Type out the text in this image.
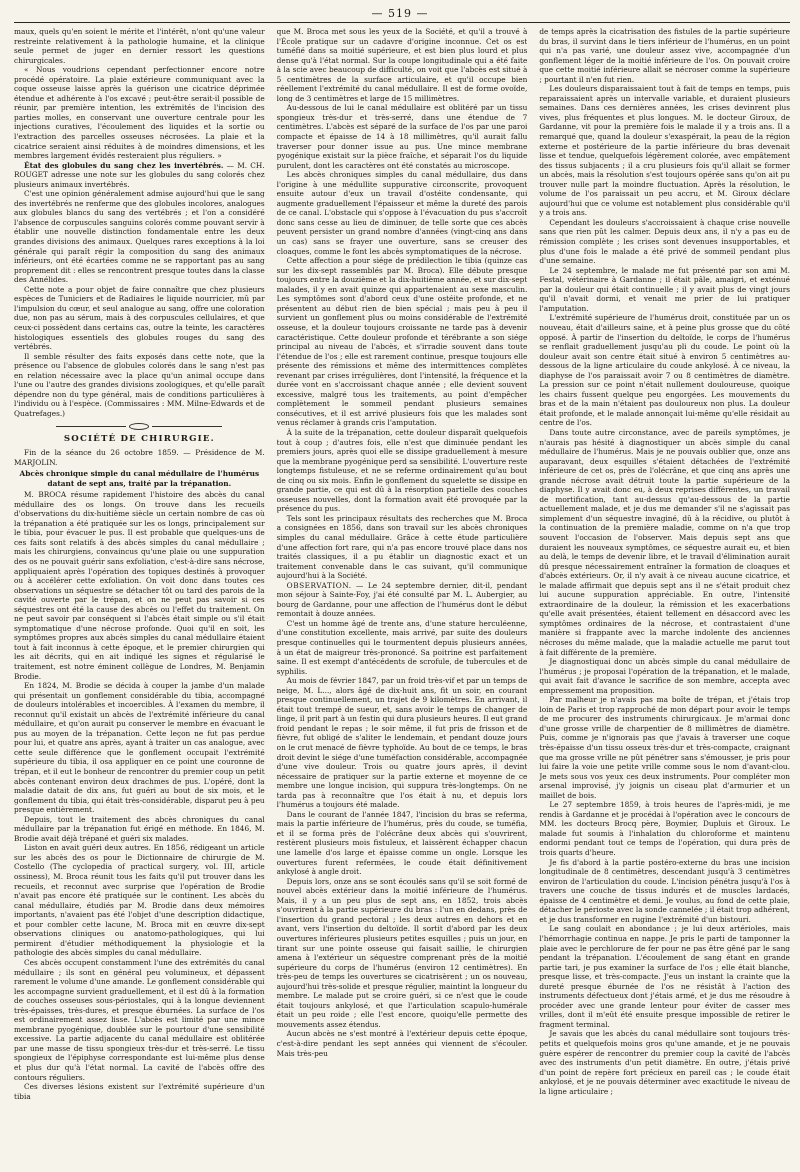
— 519 —

maux, quels qu'en soient le mérite et l'intérêt, n'ont qu'une valeur restreinte relativement à la pathologie humaine, et la clinique seule permet de juger en dernier ressort les questions chirurgicales.

« Nous voudrions cependant perfectionner encore notre procédé opératoire. La plaie extérieure communiquant avec la coque osseuse laisse après la guérison une cicatrice déprimée étendue et adhérente à l'os excavé ; peut-être serait-il possible de réunir, par première intention, les extrémités de l'incision des parties molles, en conservant une ouverture centrale pour les injections curatives, l'écoulement des liquides et la sortie ou l'extraction des parcelles osseuses nécrosées. La plaie et la cicatrice seraient ainsi réduites à de moindres dimensions, et les membres largement évidés resteraient plus réguliers. »

État des globules du sang chez les invertébrés. — M. CH. ROUGET adresse une note sur les globules du sang colorés chez plusieurs animaux invertébrés.

C'est une opinion généralement admise aujourd'hui que le sang des invertébrés ne renferme que des globules incolores, analogues aux globules blancs du sang des vertébrés ; et l'on a considéré l'absence de corpuscules sanguins colorés comme pouvant servir à établir une nouvelle distinction fondamentale entre les deux grandes divisions des animaux. Quelques rares exceptions à la loi générale qui paraît régir la composition du sang des animaux inférieurs, ont été écartées comme ne se rapportant pas au sang proprement dit : elles se rencontrent presque toutes dans la classe des Annélides.

Cette note a pour objet de faire connaître que chez plusieurs espèces de Tuniciers et de Radiaires le liquide nourricier, mû par l'impulsion du cœur, et seul analogue au sang, offre une coloration due, non pas au sérum, mais à des corpuscules cellulaires, et que ceux-ci possèdent dans certains cas, outre la teinte, les caractères histologiques essentiels des globules rouges du sang des vertébrés.

Il semble résulter des faits exposés dans cette note, que la présence ou l'absence de globules colorés dans le sang n'est pas en relation nécessaire avec la place qu'un animal occupe dans l'une ou l'autre des grandes divisions zoologiques, et qu'elle paraît dépendre non du type général, mais de conditions particulières à l'individu ou à l'espèce. (Commissaires : MM. Milne-Edwards et de Quatrefages.)

SOCIÉTÉ DE CHIRURGIE.

Fin de la séance du 26 octobre 1859. — Présidence de M. MARJOLIN.

Abcès chronique simple du canal médullaire de l'humérus datant de sept ans, traité par la trépanation.

M. BROCA résume rapidement l'histoire des abcès du canal médullaire des os longs. On trouve dans les recueils d'observations du dix-huitième siècle un certain nombre de cas où la trépanation a été pratiquée sur les os longs, principalement sur le tibia, pour évacuer le pus. Il est probable que quelques-uns de ces faits sont relatifs à des abcès simples du canal médullaire ; mais les chirurgiens, convaincus qu'une plaie ou une suppuration des os ne pouvait guérir sans exfoliation, c'est-à-dire sans nécrose, appliquaient après l'opération des topiques destinés à provoquer ou à accélérer cette exfoliation. On voit donc dans toutes ces observations un séquestre se détacher tôt ou tard des parois de la cavité ouverte par le trépan, et on ne peut pas savoir si ces séquestres ont été la cause des abcès ou l'effet du traitement. On ne peut savoir par conséquent si l'abcès était simple ou s'il était symptomatique d'une nécrose profonde. Quoi qu'il en soit, les symptômes propres aux abcès simples du canal médullaire étaient tout à fait inconnus à cette époque, et le premier chirurgien qui les ait décrits, qui en ait indiqué les signes et régularisé le traitement, est notre éminent collègue de Londres, M. Benjamin Brodie.

En 1824, M. Brodie se décida à couper la jambe d'un malade qui présentait un gonflement considérable du tibia, accompagné de douleurs intolérables et incoercibles. À l'examen du membre, il reconnut qu'il existait un abcès de l'extrémité inférieure du canal médullaire, et qu'on aurait pu conserver le membre en évacuant le pus au moyen de la trépanation. Cette leçon ne fut pas perdue pour lui, et quatre ans après, ayant à traiter un cas analogue, avec cette seule différence que le gonflement occupait l'extrémité supérieure du tibia, il osa appliquer en ce point une couronne de trépan, et il eut le bonheur de rencontrer du premier coup un petit abcès contenant environ deux drachmes de pus. L'opéré, dont la maladie datait de dix ans, fut guéri au bout de six mois, et le gonflement du tibia, qui était très-considérable, disparut peu à peu presque entièrement.

Depuis, tout le traitement des abcès chroniques du canal médullaire par la trépanation fut érigé en méthode. En 1846, M. Brodie avait déjà trépané et guéri six malades.

Liston en avait guéri deux autres. En 1856, rédigeant un article sur les abcès des os pour le Dictionnaire de chirurgie de M. Costello (The cyclopedia of practical surgery, vol. III, article ossiness), M. Broca réunit tous les faits qu'il put trouver dans les recueils, et reconnut avec surprise que l'opération de Brodie n'avait pas encore été pratiquée sur le continent. Les abcès du canal médullaire, étudiés par M. Brodie dans deux mémoires importants, n'avaient pas été l'objet d'une description didactique, et pour combler cette lacune, M. Broca mit en œuvre dix-sept observations cliniques ou anatomo-pathologiques, qui lui permirent d'étudier méthodiquement la physiologie et la pathologie des abcès simples du canal médullaire.

Ces abcès occupent constamment l'une des extrémités du canal médullaire ; ils sont en général peu volumineux, et dépassent rarement le volume d'une amande. Le gonflement considérable qui les accompagne survient graduellement, et il est dû à la formation de couches osseuses sous-périostales, qui à la longue deviennent très-épaisses, très-dures, et presque éburnées. La surface de l'os est ordinairement assez lisse. L'abcès est limité par une mince membrane pyogénique, doublée sur le pourtour d'une sensibilité excessive. La partie adjacente du canal médullaire est oblitérée par une masse de tissu spongieux très-dur et très-serré. Le tissu spongieux de l'épiphyse correspondante est lui-même plus dense et plus dur qu'à l'état normal. La cavité de l'abcès offre des contours réguliers.

Ces diverses lésions existent sur l'extrémité supérieure d'un tibia

que M. Broca met sous les yeux de la Société, et qu'il a trouvé à l'École pratique sur un cadavre d'origine inconnue. Cet os est tuméfié dans sa moitié supérieure, et est bien plus lourd et plus dense qu'à l'état normal. Sur la coupe longitudinale qui a été faite à la scie avec beaucoup de difficulté, on voit que l'abcès est situé à 5 centimètres de la surface articulaire, et qu'il occupe bien réellement l'extrémité du canal médullaire. Il est de forme ovoïde, long de 3 centimètres et large de 15 millimètres.

Au-dessous de lui le canal médullaire est oblitéré par un tissu spongieux très-dur et très-serré, dans une étendue de 7 centimètres. L'abcès est séparé de la surface de l'os par une paroi compacte et épaisse de 14 à 18 millimètres, qu'il aurait fallu traverser pour donner issue au pus. Une mince membrane pyogénique existait sur la pièce fraîche, et séparait l'os du liquide purulent, dont les caractères ont été constatés au microscope.

Les abcès chroniques simples du canal médullaire, dus dans l'origine à une médullite suppurative circonscrite, provoquent ensuite autour d'eux un travail d'ostéite condensante, qui augmente graduellement l'épaisseur et même la dureté des parois de ce canal. L'obstacle qui s'oppose à l'évacuation du pus s'accroît donc sans cesse au lieu de diminuer, de telle sorte que ces abcès peuvent persister un grand nombre d'années (vingt-cinq ans dans un cas) sans se frayer une ouverture, sans se creuser des cloaques, comme le font les abcès symptomatiques de la nécrose.

Cette affection a pour siége de prédilection le tibia (quinze cas sur les dix-sept rassemblés par M. Broca). Elle débute presque toujours entre la douzième et la dix-huitième année, et sur dix-sept malades, il y en avait quinze qui appartenaient au sexe masculin. Les symptômes sont d'abord ceux d'une ostéite profonde, et ne présentent au début rien de bien spécial ; mais peu à peu il survient un gonflement plus ou moins considérable de l'extrémité osseuse, et la douleur toujours croissante ne tarde pas à devenir caractéristique. Cette douleur profonde et térébrante a son siége principal au niveau de l'abcès, et s'irradie souvent dans toute l'étendue de l'os ; elle est rarement continue, presque toujours elle présente des rémissions et même des intermittences complètes revenant par crises irrégulières, dont l'intensité, la fréquence et la durée vont en s'accroissant chaque année ; elle devient souvent excessive, malgré tous les traitements, au point d'empêcher complètement le sommeil pendant plusieurs semaines consécutives, et il est arrivé plusieurs fois que les malades sont venus réclamer à grands cris l'amputation.

À la suite de la trépanation, cette douleur disparaît quelquefois tout à coup ; d'autres fois, elle n'est que diminuée pendant les premiers jours, après quoi elle se dissipe graduellement à mesure que la membrane pyogénique perd sa sensibilité. L'ouverture reste longtemps fistuleuse, et ne se referme ordinairement qu'au bout de cinq ou six mois. Enfin le gonflement du squelette se dissipe en grande partie, ce qui est dû à la résorption partielle des couches osseuses nouvelles, dont la formation avait été provoquée par la présence du pus.

Tels sont les principaux résultats des recherches que M. Broca a consignées en 1856, dans son travail sur les abcès chroniques simples du canal médullaire. Grâce à cette étude particulière d'une affection fort rare, qui n'a pas encore trouvé place dans nos traités classiques, il a pu établir un diagnostic exact et un traitement convenable dans le cas suivant, qu'il communique aujourd'hui à la Société.

OBSERVATION. — Le 24 septembre dernier, dit-il, pendant mon séjour à Sainte-Foy, j'ai été consulté par M. L. Aubergier, au bourg de Gardanne, pour une affection de l'humérus dont le début remontait à douze années.

C'est un homme âgé de trente ans, d'une stature herculéenne, d'une constitution excellente, mais arrivé, par suite des douleurs presque continuelles qui le tourmentent depuis plusieurs années, à un état de maigreur très-prononcé. Sa poitrine est parfaitement saine. Il est exempt d'antécédents de scrofule, de tubercules et de syphilis.

Au mois de février 1847, par un froid très-vif et par un temps de neige, M. L..., alors âgé de dix-huit ans, fit un soir, en courant presque continuellement, un trajet de 9 kilomètres. En arrivant, il était tout trempé de sueur, et, sans avoir le temps de changer de linge, il prit part à un festin qui dura plusieurs heures. Il eut grand froid pendant le repas ; le soir même, il fut pris de frisson et de fièvre, fut obligé de s'aliter le lendemain, et pendant douze jours on le crut menacé de fièvre typhoïde. Au bout de ce temps, le bras droit devint le siége d'une tuméfaction considérable, accompagnée d'une vive douleur. Trois ou quatre jours après, il devint nécessaire de pratiquer sur la partie externe et moyenne de ce membre une longue incision, qui suppura très-longtemps. On ne tarda pas à reconnaître que l'os était à nu, et depuis lors l'humérus a toujours été malade.

Dans le courant de l'année 1847, l'incision du bras se referma, mais la partie inférieure de l'humérus, près du coude, se tuméfia, et il se forma près de l'olécrâne deux abcès qui s'ouvrirent, restèrent plusieurs mois fistuleux, et laissèrent échapper chacun une lamelle d'os large et épaisse comme un ongle. Lorsque les ouvertures furent refermées, le coude était définitivement ankylosé à angle droit.

Depuis lors, onze ans se sont écoulés sans qu'il se soit formé de nouvel abcès extérieur dans la moitié inférieure de l'humérus. Mais, il y a un peu plus de sept ans, en 1852, trois abcès s'ouvrirent à la partie supérieure du bras : l'un en dedans, près de l'insertion du grand pectoral ; les deux autres en dehors et en avant, vers l'insertion du deltoïde. Il sortit d'abord par les deux ouvertures inférieures plusieurs petites esquilles ; puis un jour, en tirant sur une pointe osseuse qui faisait saillie, le chirurgien amena à l'extérieur un séquestre comprenant près de la moitié supérieure du corps de l'humérus (environ 12 centimètres). En très-peu de temps les ouvertures se cicatrisèrent ; un os nouveau, aujourd'hui très-solide et presque régulier, maintint la longueur du membre. Le malade put se croire guéri, si ce n'est que le coude était toujours ankylosé, et que l'articulation scapulo-humérale était un peu roide ; elle l'est encore, quoiqu'elle permette des mouvements assez étendus.

Aucun abcès ne s'est montré à l'extérieur depuis cette époque, c'est-à-dire pendant les sept années qui viennent de s'écouler. Mais très-peu

de temps après la cicatrisation des fistules de la partie supérieure du bras, il survint dans le tiers inférieur de l'humérus, en un point qui n'a pas varié, une douleur assez vive, accompagnée d'un gonflement léger de la moitié inférieure de l'os. On pouvait croire que cette moitié inférieure allait se nécroser comme la supérieure ; pourtant il n'en fut rien.

Les douleurs disparaissaient tout à fait de temps en temps, puis reparaissaient après un intervalle variable, et duraient plusieurs semaines. Dans ces dernières années, les crises devinrent plus vives, plus fréquentes et plus longues. M. le docteur Giroux, de Gardanne, vit pour la première fois le malade il y a trois ans. Il a remarqué que, quand la douleur s'exaspérait, la peau de la région externe et postérieure de la partie inférieure du bras devenait lisse et tendue, quelquefois légèrement colorée, avec empâtement des tissus subjacents ; il a cru plusieurs fois qu'il allait se former un abcès, mais la résolution s'est toujours opérée sans qu'on ait pu trouver nulle part la moindre fluctuation. Après la résolution, le volume de l'os paraissait un peu accru, et M. Giroux déclare aujourd'hui que ce volume est notablement plus considérable qu'il y a trois ans.

Cependant les douleurs s'accroissaient à chaque crise nouvelle sans que rien pût les calmer. Depuis deux ans, il n'y a pas eu de rémission complète ; les crises sont devenues insupportables, et plus d'une fois le malade a été privé de sommeil pendant plus d'une semaine.

Le 24 septembre, le malade me fut présenté par son ami M. Festal, vétérinaire à Gardanne ; il était pâle, amaigri, et exténué par la douleur qui était continuelle ; il y avait plus de vingt jours qu'il n'avait dormi, et venait me prier de lui pratiquer l'amputation.

L'extrémité supérieure de l'humérus droit, constituée par un os nouveau, était d'ailleurs saine, et à peine plus grosse que du côté opposé. À partir de l'insertion du deltoïde, le corps de l'humérus se renflait graduellement jusqu'au pli du coude. Le point où la douleur avait son centre était situé à environ 5 centimètres au-dessous de la ligne articulaire du coude ankylosé. À ce niveau, la diaphyse de l'os paraissait avoir 7 ou 8 centimètres de diamètre. La pression sur ce point n'était nullement douloureuse, quoique les chairs fussent quelque peu engorgées. Les mouvements du bras et de la main n'étaient pas douloureux non plus. La douleur était profonde, et le malade annonçait lui-même qu'elle résidait au centre de l'os.

Dans toute autre circonstance, avec de pareils symptômes, je n'aurais pas hésité à diagnostiquer un abcès simple du canal médullaire de l'humérus. Mais je ne pouvais oublier que, onze ans auparavant, deux esquilles s'étaient détachées de l'extrémité inférieure de cet os, près de l'olécrâne, et que cinq ans après une grande nécrose avait détruit toute la partie supérieure de la diaphyse. Il y avait donc eu, à deux reprises différentes, un travail de mortification, tant au-dessus qu'au-dessous de la partie actuellement malade, et je dus me demander s'il ne s'agissait pas simplement d'un séquestre invaginé, dû à la récidive, ou plutôt à la continuation de la première maladie, comme on n'a que trop souvent l'occasion de l'observer. Mais depuis sept ans que duraient les nouveaux symptômes, ce séquestre aurait eu, et bien au delà, le temps de devenir libre, et le travail d'élimination aurait dû presque nécessairement entraîner la formation de cloaques et d'abcès extérieurs. Or, il n'y avait à ce niveau aucune cicatrice, et le malade affirmait que depuis sept ans il ne s'était produit chez lui aucune suppuration appréciable. En outre, l'intensité extraordinaire de la douleur, la rémission et les exacerbations qu'elle avait présentées, étaient tellement en désaccord avec les symptômes ordinaires de la nécrose, et contrastaient d'une manière si frappante avec la marche indolente des anciennes nécroses du même malade, que la maladie actuelle me parut tout à fait différente de la première.

Je diagnostiquai donc un abcès simple du canal médullaire de l'humérus ; je proposai l'opération de la trépanation, et le malade, qui avait fait d'avance le sacrifice de son membre, accepta avec empressement ma proposition.

Par malheur je n'avais pas ma boîte de trépan, et j'étais trop loin de Paris et trop rapproché de mon départ pour avoir le temps de me procurer des instruments chirurgicaux. Je m'armai donc d'une grosse vrille de charpentier de 8 millimètres de diamètre. Puis, comme je n'ignorais pas que j'avais à traverser une coque très-épaisse d'un tissu osseux très-dur et très-compacte, craignant que ma grosse vrille ne pût pénétrer sans s'émousser, je pris pour lui faire la voie une petite vrille comme sous le nom d'avant-clou. Je mets sous vos yeux ces deux instruments. Pour compléter mon arsenal improvisé, j'y joignis un ciseau plat d'armurier et un maillet de bois.

Le 27 septembre 1859, à trois heures de l'après-midi, je me rendis à Gardanne et je procédai à l'opération avec le concours de MM. les docteurs Brocq père, Boymier, Dupluis et Giroux. Le malade fut soumis à l'inhalation du chloroforme et maintenu endormi pendant tout ce temps de l'opération, qui dura près de trois quarts d'heure.

Je fis d'abord à la partie postéro-externe du bras une incision longitudinale de 8 centimètres, descendant jusqu'à 3 centimètres environ de l'articulation du coude. L'incision pénétra jusqu'à l'os à travers une couche de tissus indurés et de muscles lardacés, épaisse de 4 centimètre et demi. Je voulus, au fond de cette plaie, détacher le périoste avec la sonde cannelée ; il était trop adhérent, et je dus transformer en rugine l'extrémité d'un bistouri.

Le sang coulait en abondance ; je lui deux artérioles, mais l'hémorrhagie continua en nappe. Je pris le parti de tamponner la plaie avec le perchlorure de fer pour ne pas être gêné par le sang pendant la trépanation. L'écoulement de sang étant en grande partie tari, je pus examiner la surface de l'os ; elle était blanche, presque lisse, et très-compacte. J'eus un instant la crainte que la dureté presque éburnée de l'os ne résistât à l'action des instruments défectueux dont j'étais armé, et je dus me résoudre à procéder avec une grande lenteur pour éviter de casser mes vrilles, dont il m'eût été ensuite presque impossible de retirer le fragment terminal.

Je savais que les abcès du canal médullaire sont toujours très-petits et quelquefois moins gros qu'une amande, et je ne pouvais guère espérer de rencontrer du premier coup la cavité de l'abcès avec des instruments d'un petit diamètre. En outre, j'étais privé d'un point de repère fort précieux en pareil cas ; le coude était ankylosé, et je ne pouvais déterminer avec exactitude le niveau de la ligne articulaire ;
